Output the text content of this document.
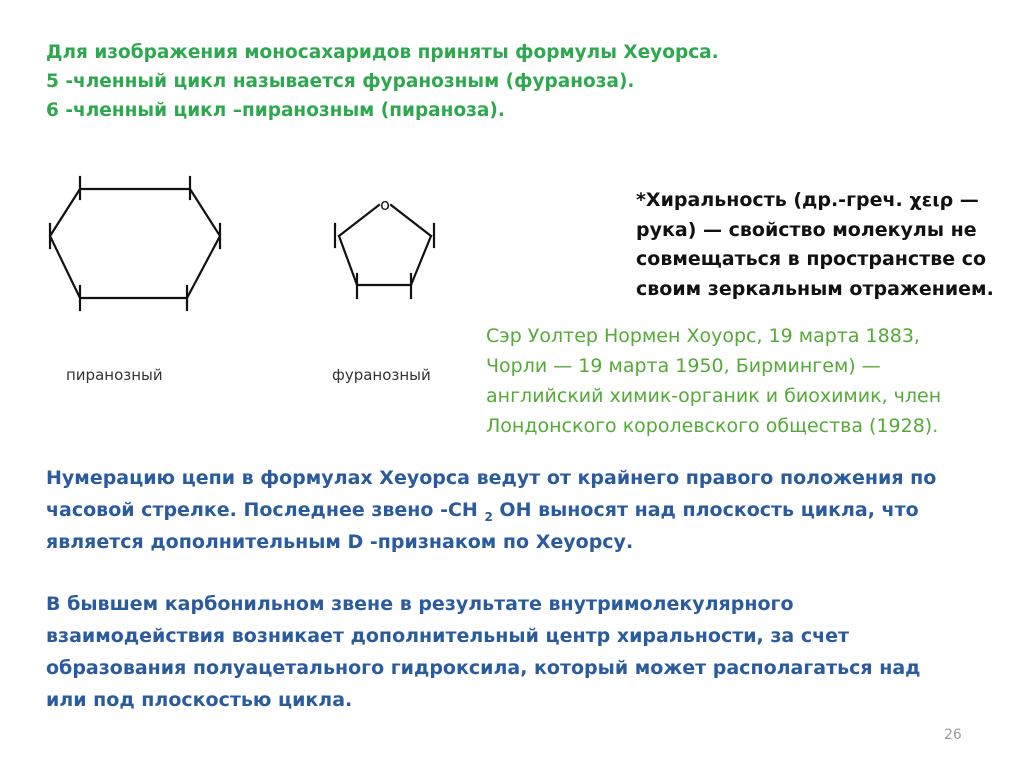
Для изображения моносахаридов приняты формулы Хеуорса.
5 -членный цикл называется фуранозным (фураноза).
6 -членный цикл –пиранозным (пираноза).
пиранозный
o
фуранозный
*Хиральность (др.-греч. χειρ —
рука) — свойство молекулы не
совмещаться в пространстве со
своим зеркальным отражением.
Сэр Уолтер Нормен Хоуорс, 19 марта 1883,
Чорли — 19 марта 1950, Бирмингем) —
английский химик-органик и биохимик, член
Лондонского королевского общества (1928).
Нумерацию цепи в формулах Хеуорса ведут от крайнего правого положения по
часовой стрелке. Последнее звено -СН $_2$ ОН выносят над плоскость цикла, что
является дополнительным D -признаком по Хеуорсу.
В бывшем карбонильном звене в результате внутримолекулярного
взаимодействия возникает дополнительный центр хиральности, за счет
образования полуацетального гидроксила, который может располагаться над
или под плоскостью цикла.
26
